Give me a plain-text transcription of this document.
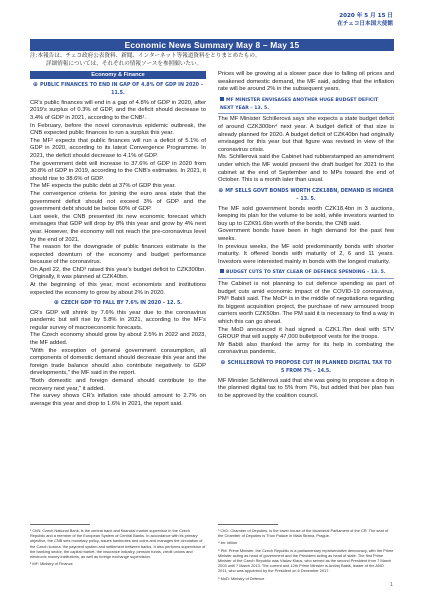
2020 年 5 月 15 日
在チェコ日本国大使館
Economic News Summary May 8 – May 15
注:本報告は、チェコ政府公表資料、新聞、インターネット等報道資料をとりまとめたもの。
詳細情報については、それぞれの情報ソースを参照願いたい。
Economy & Finance
⊕ PUBLIC FINANCES TO END IN GAP OF 4.8% OF GDP IN 2020 – 11.5.

CR's public finances will end in a gap of 4.8% of GDP in 2020, after 2019's surplus of 0.3% of GDP, and the deficit should decrease to 3.4% of GDP in 2021, according to the CNB¹.

In February, before the novel coronavirus epidemic outbreak, the CNB expected public finances to run a surplus this year.

The MF² expects that public finances will run a deficit of 5.1% of GDP in 2020, according to its latest Convergence Programme. In 2021, the deficit should decrease to 4.1% of GDP.

The government debt will increase to 37.6% of GDP in 2020 from 30.8% of GDP in 2019, according to the CNB's estimates. In 2021, it should rise to 38.6% of GDP.

The MF expects the public debt at 37% of GDP this year.

The convergence criteria for joining the euro area state that the government deficit should not exceed 3% of GDP and the government debt should be below 60% of GDP.

Last week, the CNB presented its new economic forecast which envisages that GDP will drop by 8% this year and grow by 4% next year. However, the economy will not reach the pre-coronavirus level by the end of 2021.

The reason for the downgrade of public finances estimate is the expected downturn of the economy and budget performance because of the coronavirus.

On April 22, the ChD³ raised this year's budget deficit to CZK300bn. Originally, it was planned at CZK40bn.

At the beginning of this year, most economists and institutions expected the economy to grow by about 2% in 2020.

⊕ CZECH GDP TO FALL BY 7.6% IN 2020 – 12. 5.

CR's GDP will shrink by 7.6% this year due to the coronavirus pandemic but will rise by 5.8% in 2021, according to the MF's regular survey of macroeconomic forecasts.

The Czech economy should grow by about 2.5% in 2022 and 2023, the MF added.

"With the exception of general government consumption, all components of domestic demand should decrease this year and the foreign trade balance should also contribute negatively to GDP developments," the MF said in the report.

"Both domestic and foreign demand should contribute to the recovery next year," it added.

The survey shows CR's inflation rate should amount to 2.7% on average this year and drop to 1.6% in 2021, the report said.

Prices will be growing at a slower pace due to falling oil prices and weakened domestic demand, the MF said, adding that the inflation rate will be around 2% in the subsequent years.

MF MINISTER ENVISAGES ANOTHER HUGE BUDGET DEFICIT NEXT YEAR – 13. 5.

The MF Minister Schillerová says she expects a state budget deficit of around CZK300bn⁴ next year. A budget deficit of that size is already planned for 2020. A budget deficit of CZK40bn had originally envisaged for this year but that figure was revised in view of the coronavirus crisis.

Ms. Schillerová said the Cabinet had rubberstamped an amendment under which the MF would present the draft budget for 2021 to the cabinet at the end of September and to MPs toward the end of October. This is a month later than usual.

⊕ MF SELLS GOVT BONDS WORTH CZK18BN, DEMAND IS HIGHER – 13. 5.

The MF sold government bonds worth CZK18.4bn in 3 auctions, keeping its plan for the volume to be sold, while investors wanted to buy up to CZK91.6bn worth of the bonds, the CNB said.

Government bonds have been in high demand for the past few weeks.

In previous weeks, the MF sold predominantly bonds with shorter maturity. It offered bonds with maturity of 2, 6 and 11 years. Investors were interested mainly in bonds with the longest maturity.

BUDGET CUTS TO STAY CLEAR OF DEFENCE SPENDING – 13. 5.

The Cabinet is not planning to cut defence spending as part of budget cuts amid economic impact of the COVID-19 coronavirus, PM⁵ Babiš said. The MoD⁶ is in the middle of negotiations regarding its biggest acquisition project, the purchase of new armoured troop carriers worth CZK50bn. The PM said it is necessary to find a way in which this can go ahead.

The MoD announced it had signed a CZK1.7bn deal with STV GROUP that will supply 47,000 bulletproof vests for the troops.

Mr Babiš also thanked the army for its help in combating the coronavirus pandemic.

⊕ SCHILLEROVÁ TO PROPOSE CUT IN PLANNED DIGITAL TAX TO 5 FROM 7% – 14.5.

MF Minister Schillerová said that she was going to propose a drop in the planned digital tax to 5% from 7%, but added that her plan has to be approved by the coalition council.

¹ ChN: Czech National Bank, is the central bank and financial market supervisor in the Czech Republic and a member of the European System of Central Banks. In accordance with its primary objective, the CNB sets monetary policy, issues banknotes and coins and manages the circulation of the Czech koruna, the payment system and settlement between banks. It also performs supervision of the banking sector, the capital market, the insurance industry, pension funds, credit unions and electronic money institutions, as well as foreign exchange supervision.

² MF: Ministry of Finance

³ ChD: Chamber of Deputies, is the lower house of the bicameral Parliament of the CR. The seat of the Chamber of Deputies is Thun Palace in Malá Strana, Prague.

⁴ bn: billion

⁵ PM: Prime Minister, the Czech Republic is a parliamentary representative democracy, with the Prime Minister acting as head of government and the President acting as head of state. The first Prime Minister of the Czech Republic was Václav Klaus, who served as the second President from 7 March 2003 until 7 March 2013. The current and 12th Prime Minister is Andrej Babiš, leader of the ANO 2011, who was appointed by the President on 6 December 2017.

⁶ MoD: Ministry of Defence

1
